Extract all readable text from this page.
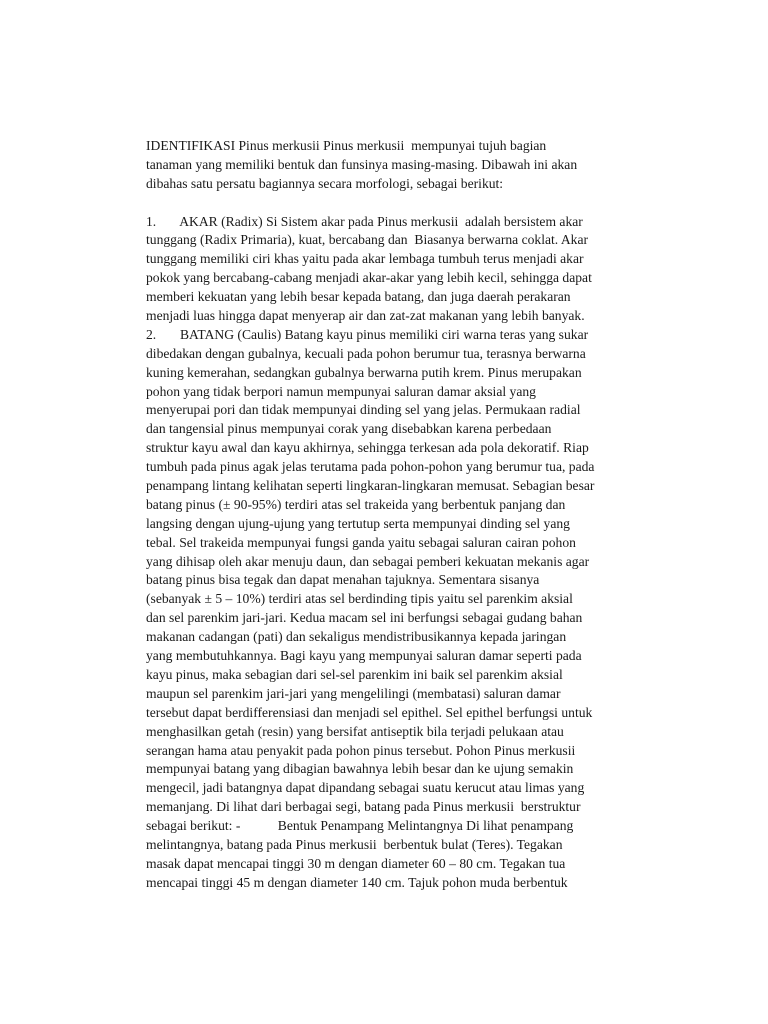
IDENTIFIKASI Pinus merkusii Pinus merkusii  mempunyai tujuh bagian
tanaman yang memiliki bentuk dan funsinya masing-masing. Dibawah ini akan
dibahas satu persatu bagiannya secara morfologi, sebagai berikut:
1.       AKAR (Radix) Si Sistem akar pada Pinus merkusii  adalah bersistem akar
tunggang (Radix Primaria), kuat, bercabang dan  Biasanya berwarna coklat. Akar
tunggang memiliki ciri khas yaitu pada akar lembaga tumbuh terus menjadi akar
pokok yang bercabang-cabang menjadi akar-akar yang lebih kecil, sehingga dapat
memberi kekuatan yang lebih besar kepada batang, dan juga daerah perakaran
menjadi luas hingga dapat menyerap air dan zat-zat makanan yang lebih banyak.
2.       BATANG (Caulis) Batang kayu pinus memiliki ciri warna teras yang sukar
dibedakan dengan gubalnya, kecuali pada pohon berumur tua, terasnya berwarna
kuning kemerahan, sedangkan gubalnya berwarna putih krem. Pinus merupakan
pohon yang tidak berpori namun mempunyai saluran damar aksial yang
menyerupai pori dan tidak mempunyai dinding sel yang jelas. Permukaan radial
dan tangensial pinus mempunyai corak yang disebabkan karena perbedaan
struktur kayu awal dan kayu akhirnya, sehingga terkesan ada pola dekoratif. Riap
tumbuh pada pinus agak jelas terutama pada pohon-pohon yang berumur tua, pada
penampang lintang kelihatan seperti lingkaran-lingkaran memusat. Sebagian besar
batang pinus (± 90-95%) terdiri atas sel trakeida yang berbentuk panjang dan
langsing dengan ujung-ujung yang tertutup serta mempunyai dinding sel yang
tebal. Sel trakeida mempunyai fungsi ganda yaitu sebagai saluran cairan pohon
yang dihisap oleh akar menuju daun, dan sebagai pemberi kekuatan mekanis agar
batang pinus bisa tegak dan dapat menahan tajuknya. Sementara sisanya
(sebanyak ± 5 – 10%) terdiri atas sel berdinding tipis yaitu sel parenkim aksial
dan sel parenkim jari-jari. Kedua macam sel ini berfungsi sebagai gudang bahan
makanan cadangan (pati) dan sekaligus mendistribusikannya kepada jaringan
yang membutuhkannya. Bagi kayu yang mempunyai saluran damar seperti pada
kayu pinus, maka sebagian dari sel-sel parenkim ini baik sel parenkim aksial
maupun sel parenkim jari-jari yang mengelilingi (membatasi) saluran damar
tersebut dapat berdifferensiasi dan menjadi sel epithel. Sel epithel berfungsi untuk
menghasilkan getah (resin) yang bersifat antiseptik bila terjadi pelukaan atau
serangan hama atau penyakit pada pohon pinus tersebut. Pohon Pinus merkusii
mempunyai batang yang dibagian bawahnya lebih besar dan ke ujung semakin
mengecil, jadi batangnya dapat dipandang sebagai suatu kerucut atau limas yang
memanjang. Di lihat dari berbagai segi, batang pada Pinus merkusii  berstruktur
sebagai berikut: -           Bentuk Penampang Melintangnya Di lihat penampang
melintangnya, batang pada Pinus merkusii  berbentuk bulat (Teres). Tegakan
masak dapat mencapai tinggi 30 m dengan diameter 60 – 80 cm. Tegakan tua
mencapai tinggi 45 m dengan diameter 140 cm. Tajuk pohon muda berbentuk
